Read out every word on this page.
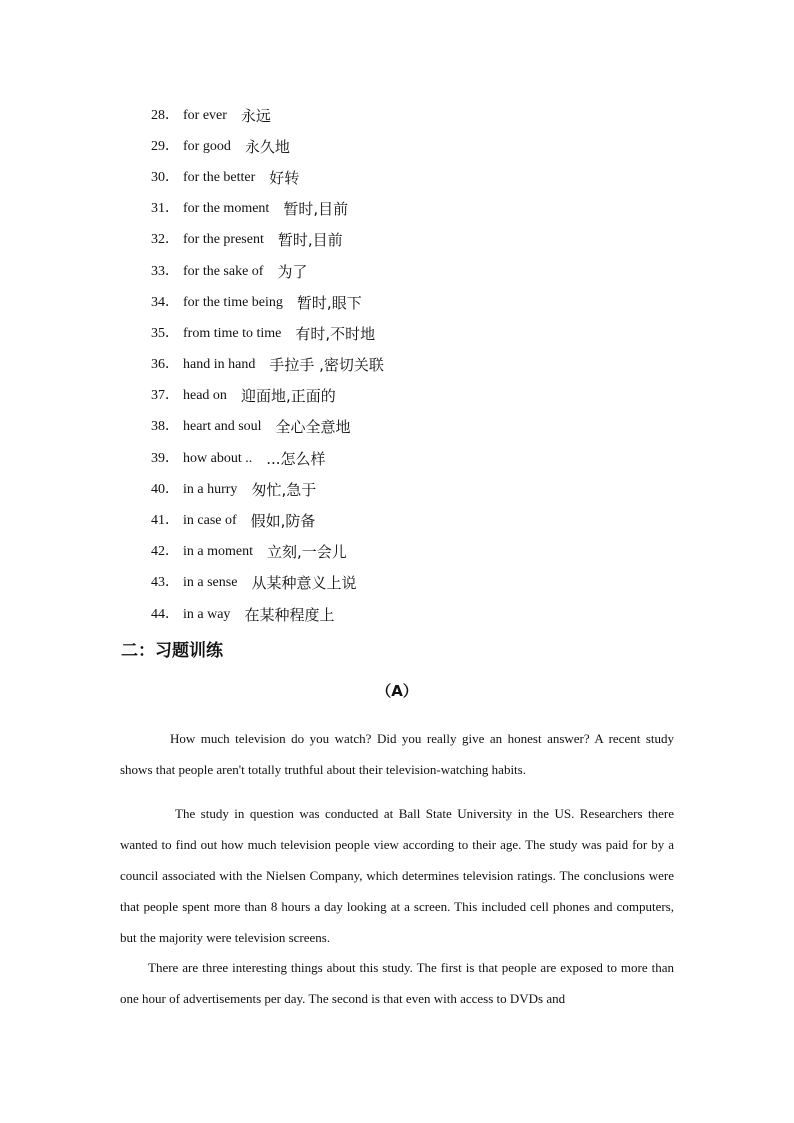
28． for ever 永远
29． for good 永久地
30． for the better 好转
31． for the moment 暂时,目前
32． for the present 暂时,目前
33． for the sake of 为了
34． for the time being 暂时,眼下
35． from time to time 有时,不时地
36． hand in hand 手拉手 ,密切关联
37． head on 迎面地,正面的
38． heart and soul 全心全意地
39． how about .. ...怎么样
40． in a hurry 匆忙,急于
41． in case of 假如,防备
42． in a moment 立刻,一会儿
43． in a sense 从某种意义上说
44． in a way 在某种程度上
二：习题训练
（A）

How much television do you watch? Did you really give an honest answer? A recent study shows that people aren't totally truthful about their television-watching habits.

The study in question was conducted at Ball State University in the US. Researchers there wanted to find out how much television people view according to their age. The study was paid for by a council associated with the Nielsen Company, which determines television ratings. The conclusions were that people spent more than 8 hours a day looking at a screen. This included cell phones and computers, but the majority were television screens.

There are three interesting things about this study. The first is that people are exposed to more than one hour of advertisements per day. The second is that even with access to DVDs and
